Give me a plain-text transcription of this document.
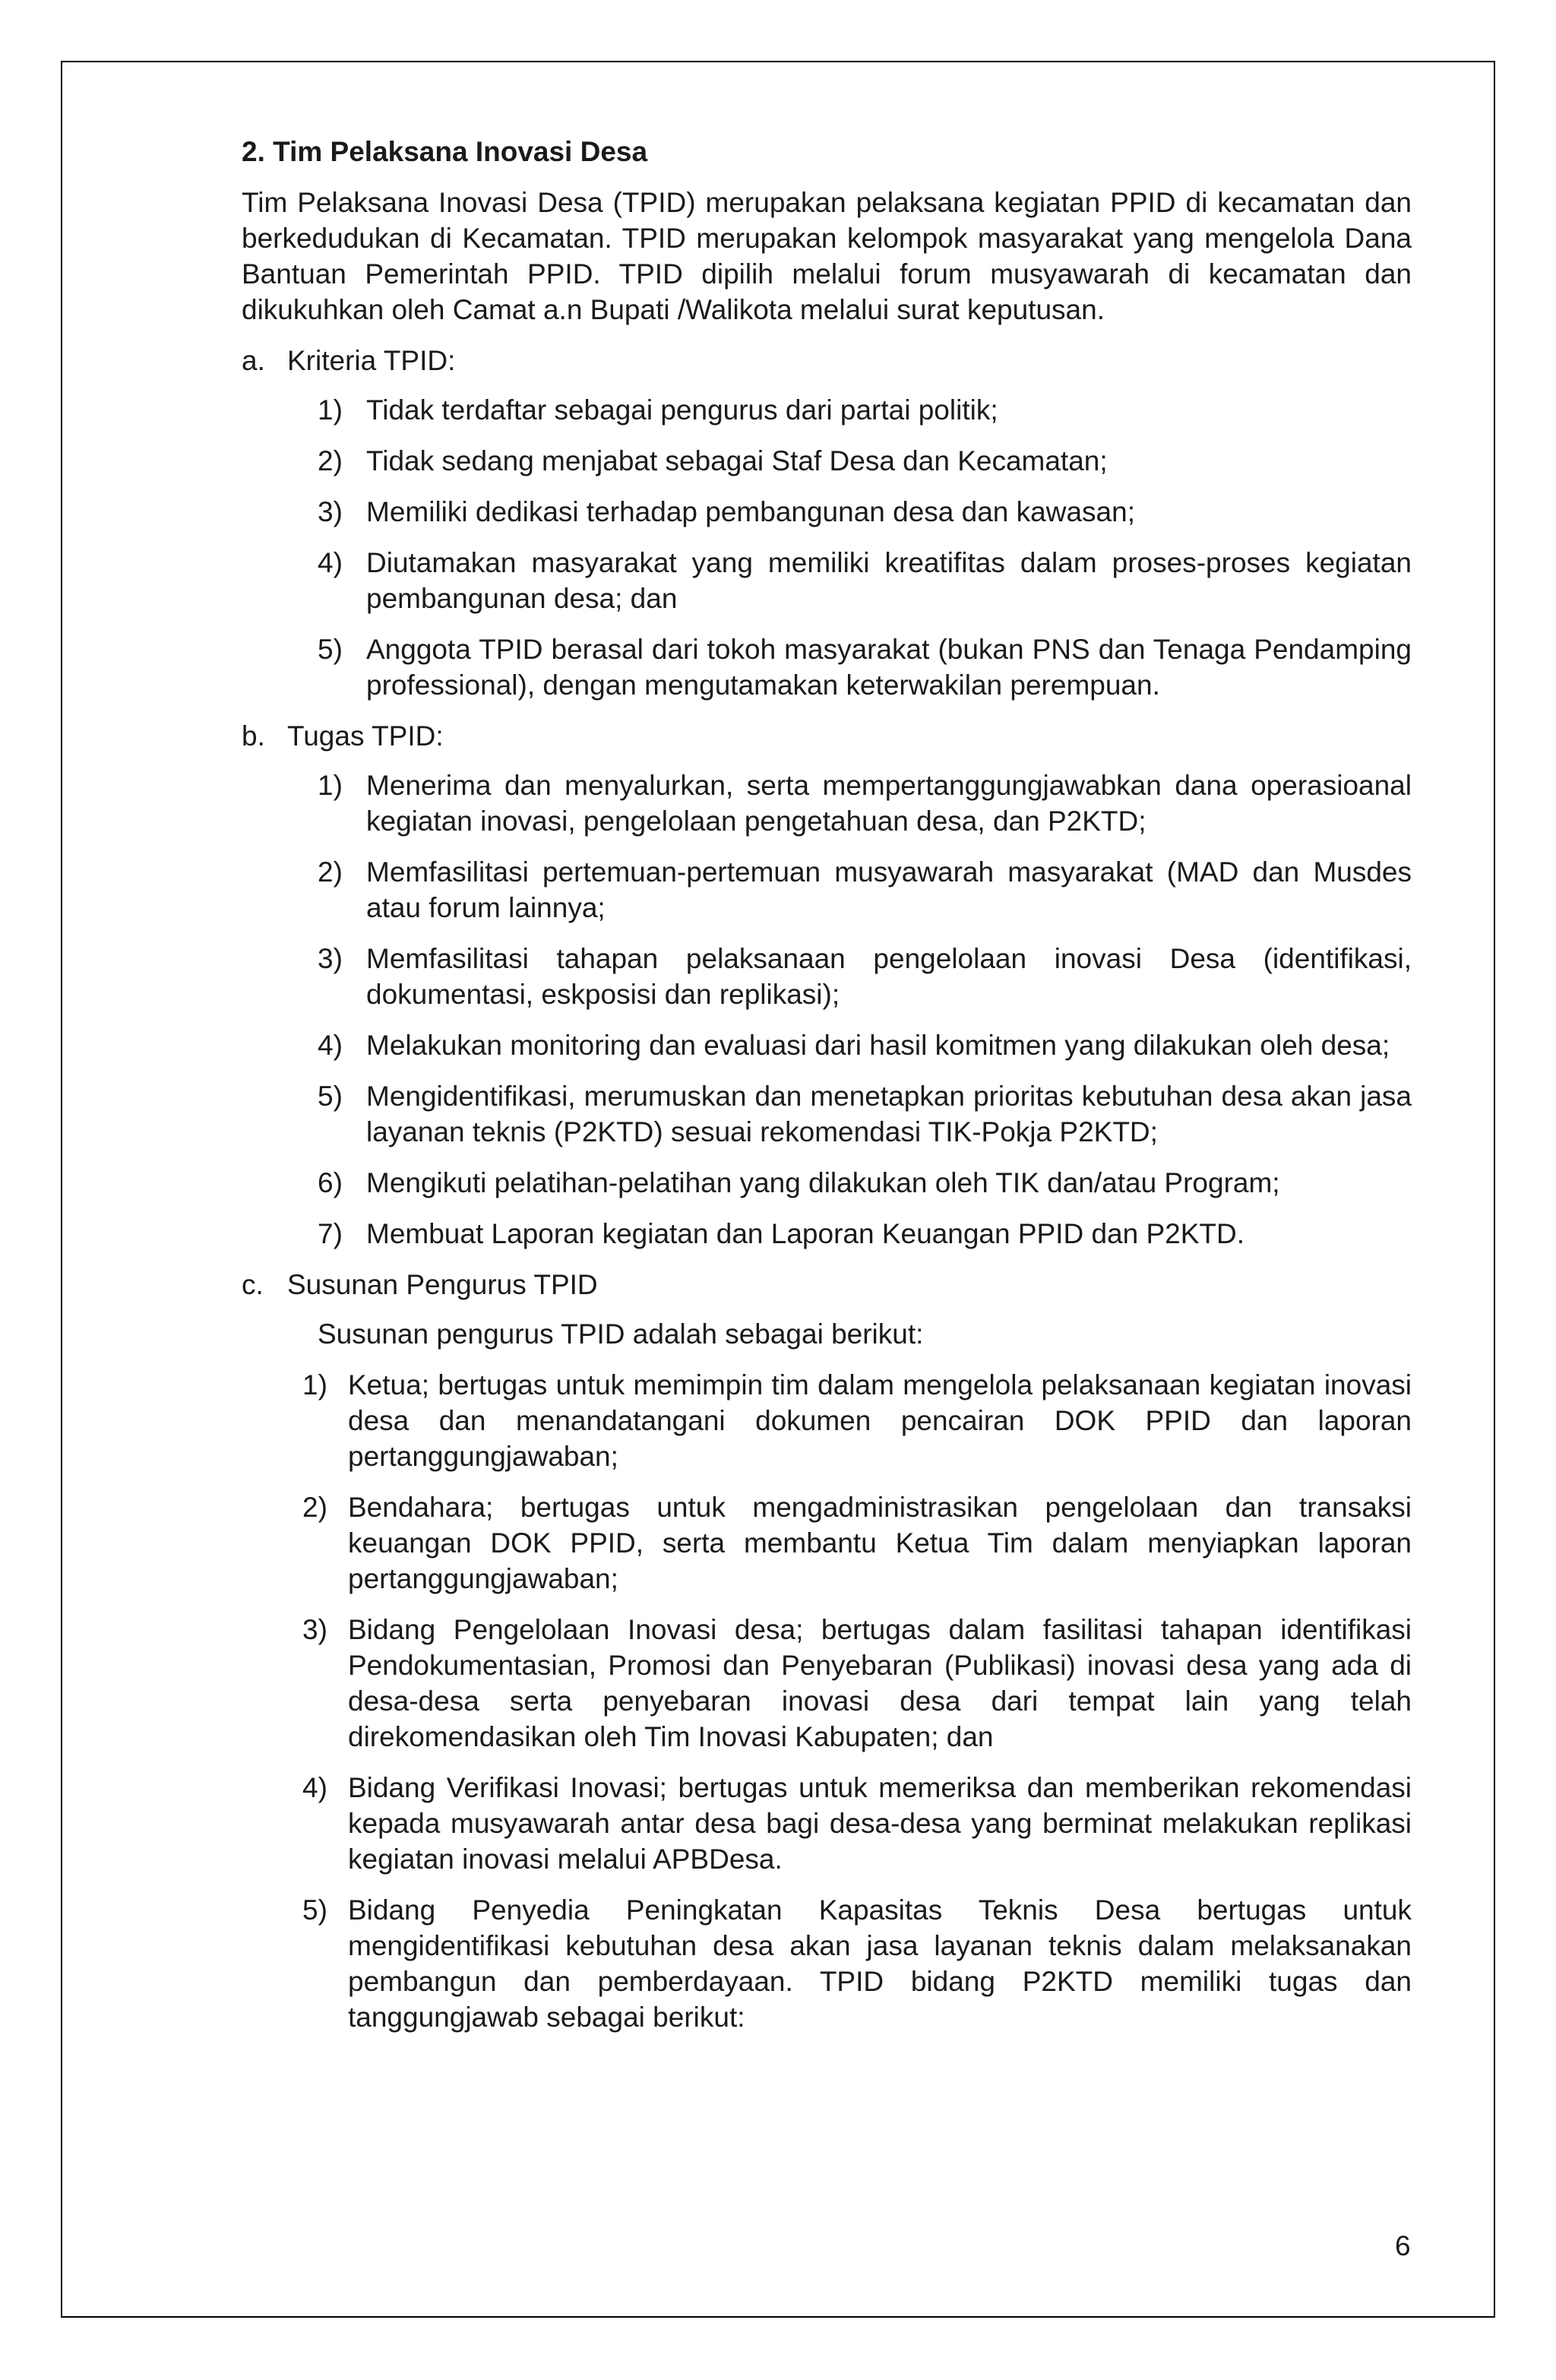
2. Tim Pelaksana Inovasi Desa
Tim Pelaksana Inovasi Desa (TPID) merupakan pelaksana kegiatan PPID di kecamatan dan berkedudukan di Kecamatan. TPID merupakan kelompok masyarakat yang mengelola Dana Bantuan Pemerintah PPID. TPID dipilih melalui forum musyawarah di kecamatan dan dikukuhkan oleh Camat a.n Bupati /Walikota melalui surat keputusan.
a. Kriteria TPID:
1) Tidak terdaftar sebagai pengurus dari partai politik;
2) Tidak sedang menjabat sebagai Staf Desa dan Kecamatan;
3) Memiliki dedikasi terhadap pembangunan desa dan kawasan;
4) Diutamakan masyarakat yang memiliki kreatifitas dalam proses-proses kegiatan pembangunan desa; dan
5) Anggota TPID berasal dari tokoh masyarakat (bukan PNS dan Tenaga Pendamping professional), dengan mengutamakan keterwakilan perempuan.
b. Tugas TPID:
1) Menerima dan menyalurkan, serta mempertanggungjawabkan dana operasioanal kegiatan inovasi, pengelolaan pengetahuan desa, dan P2KTD;
2) Memfasilitasi pertemuan-pertemuan musyawarah masyarakat (MAD dan Musdes atau forum lainnya;
3) Memfasilitasi tahapan pelaksanaan pengelolaan inovasi Desa (identifikasi, dokumentasi, eskposisi dan replikasi);
4) Melakukan monitoring dan evaluasi dari hasil komitmen yang dilakukan oleh desa;
5) Mengidentifikasi, merumuskan dan menetapkan prioritas kebutuhan desa akan jasa layanan teknis (P2KTD) sesuai rekomendasi TIK-Pokja P2KTD;
6) Mengikuti pelatihan-pelatihan yang dilakukan oleh TIK dan/atau Program;
7) Membuat Laporan kegiatan dan Laporan Keuangan PPID dan P2KTD.
c. Susunan Pengurus TPID
Susunan pengurus TPID adalah sebagai berikut:
1) Ketua; bertugas untuk memimpin tim dalam mengelola pelaksanaan kegiatan inovasi desa dan menandatangani dokumen pencairan DOK PPID dan laporan pertanggungjawaban;
2) Bendahara; bertugas untuk mengadministrasikan pengelolaan dan transaksi keuangan DOK PPID, serta membantu Ketua Tim dalam menyiapkan laporan pertanggungjawaban;
3) Bidang Pengelolaan Inovasi desa; bertugas dalam fasilitasi tahapan identifikasi Pendokumentasian, Promosi dan Penyebaran (Publikasi) inovasi desa yang ada di desa-desa serta penyebaran inovasi desa dari tempat lain yang telah direkomendasikan oleh Tim Inovasi Kabupaten; dan
4) Bidang Verifikasi Inovasi; bertugas untuk memeriksa dan memberikan rekomendasi kepada musyawarah antar desa bagi desa-desa yang berminat melakukan replikasi kegiatan inovasi melalui APBDesa.
5) Bidang Penyedia Peningkatan Kapasitas Teknis Desa bertugas untuk mengidentifikasi kebutuhan desa akan jasa layanan teknis dalam melaksanakan pembangun dan pemberdayaan. TPID bidang P2KTD memiliki tugas dan tanggungjawab sebagai berikut:
6
